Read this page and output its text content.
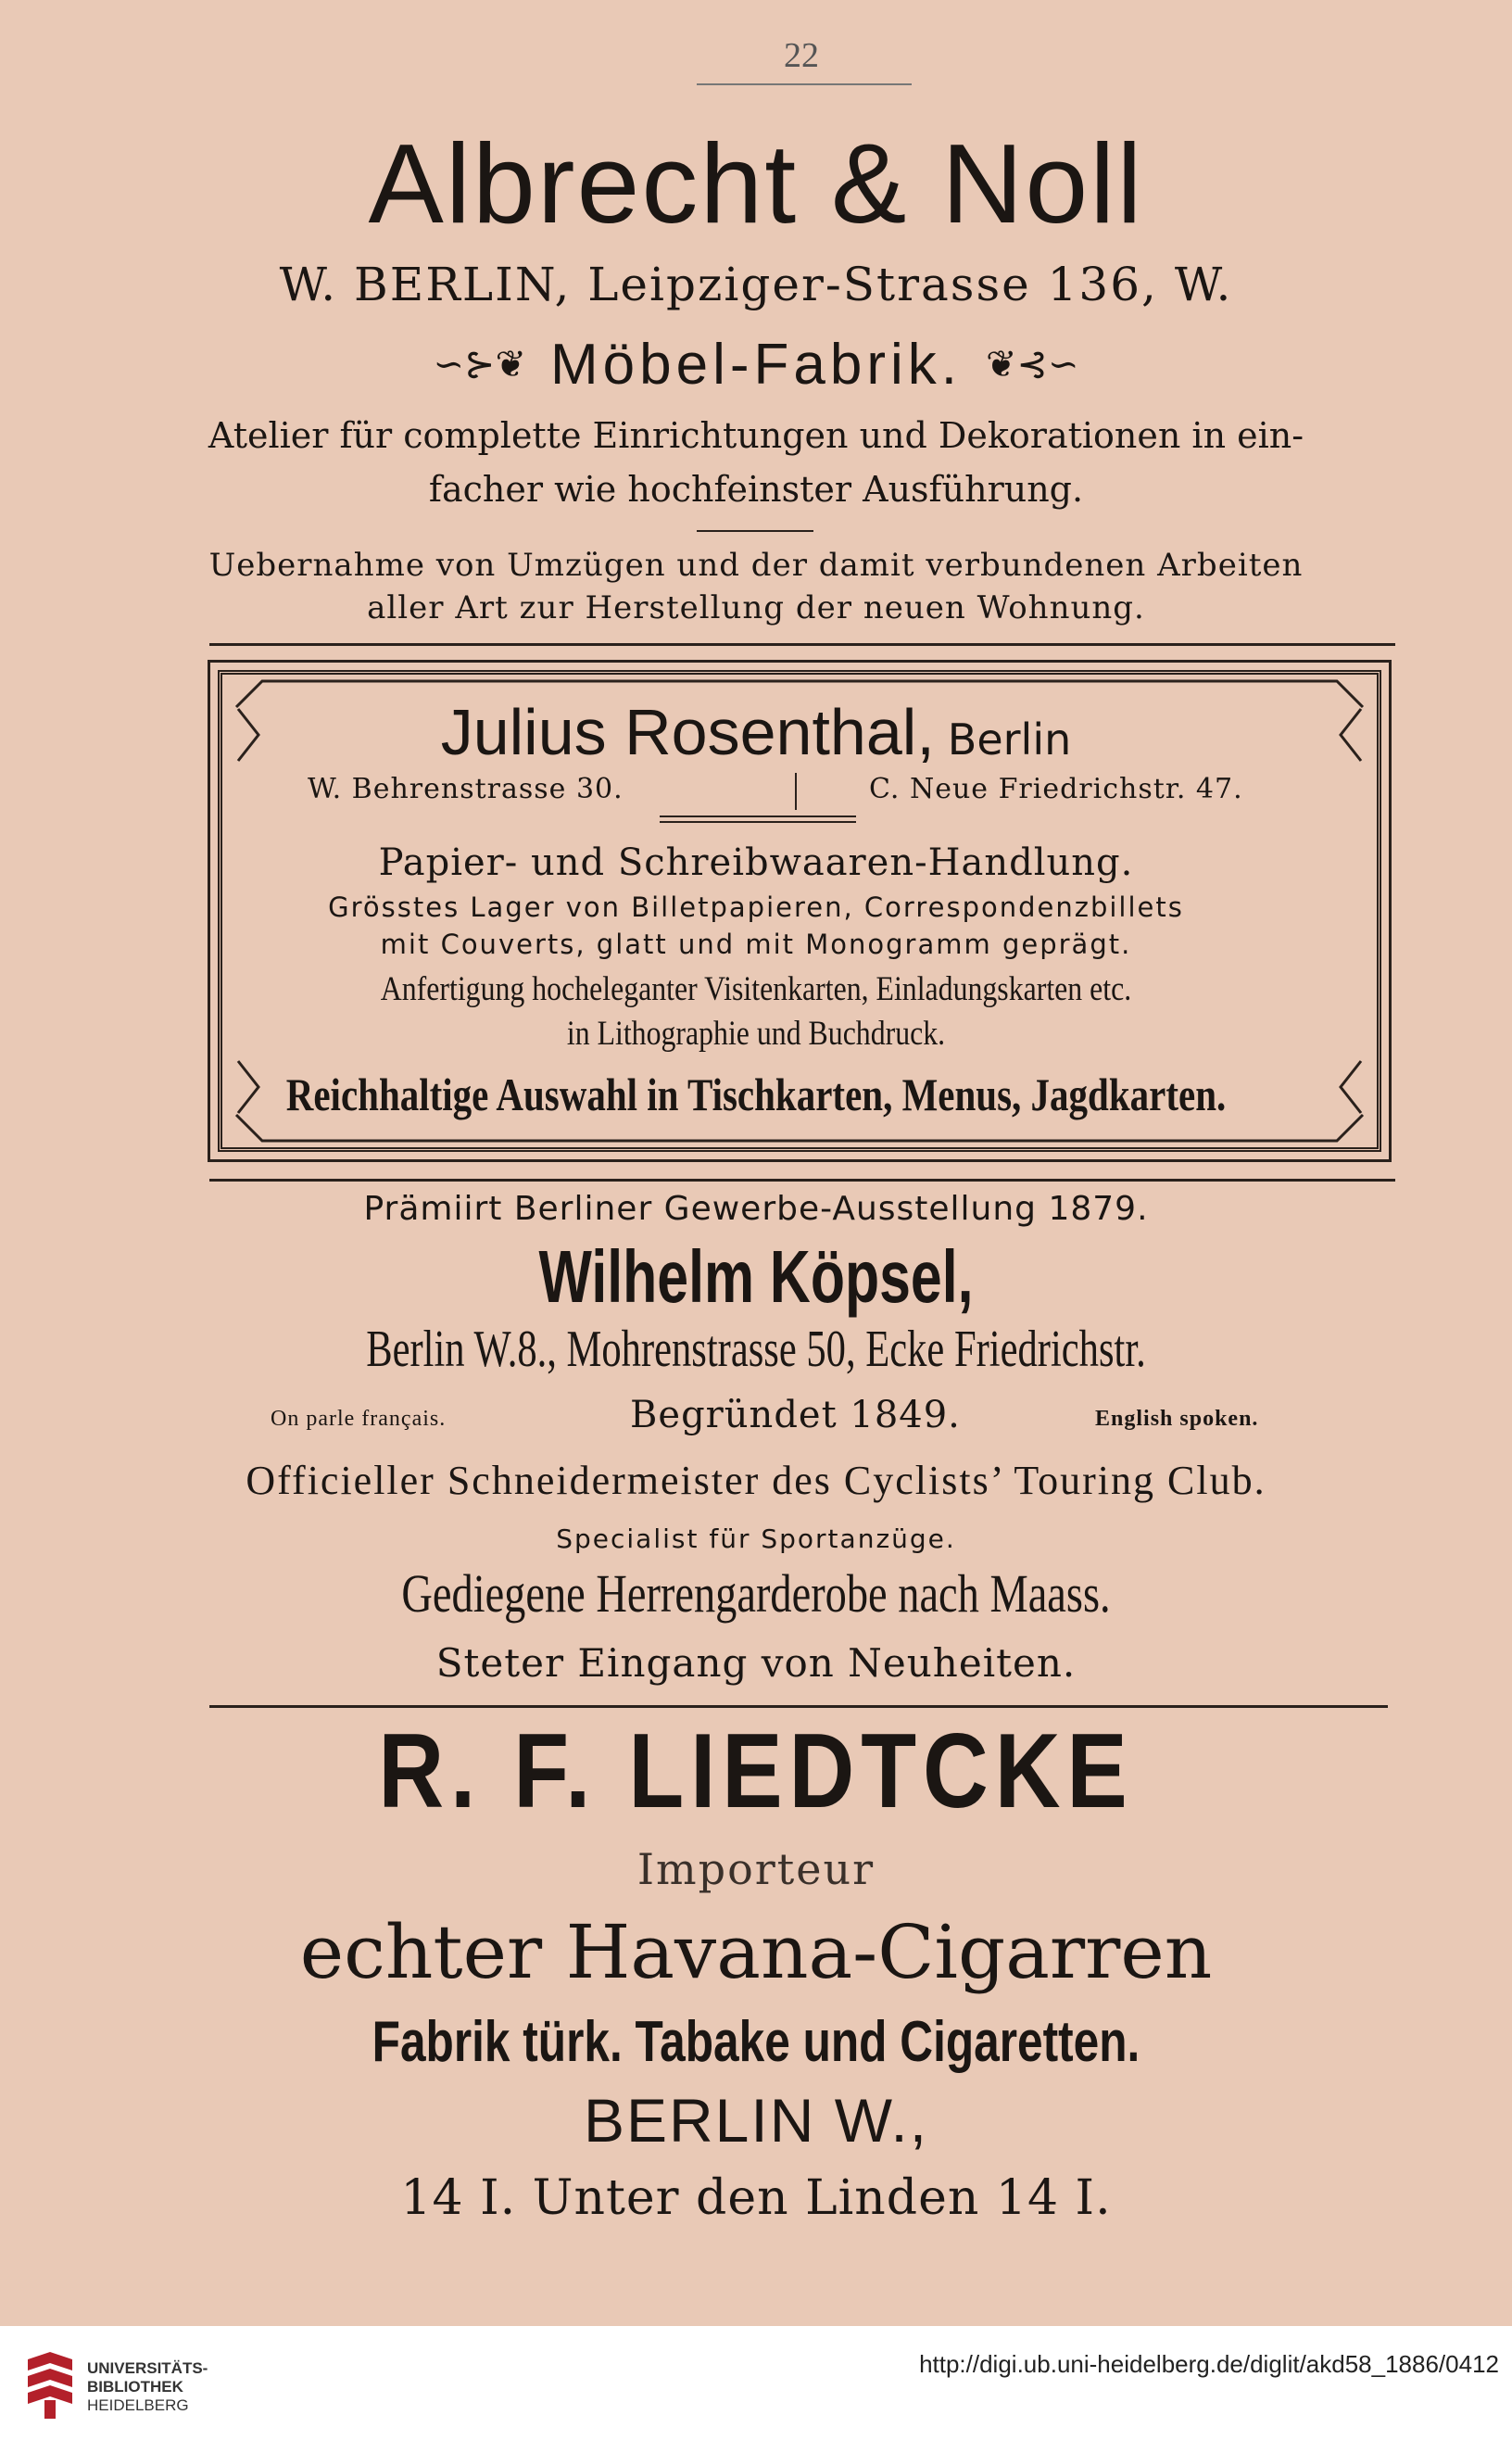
22
Albrecht & Noll
W. BERLIN, Leipziger-Strasse 136, W.
∽⊱❦ Möbel-Fabrik. ❦⊰∽
Atelier für complette Einrichtungen und Dekorationen in ein-
facher wie hochfeinster Ausführung.
Uebernahme von Umzügen und der damit verbundenen Arbeiten
aller Art zur Herstellung der neuen Wohnung.
Julius Rosenthal, Berlin
W. Behrenstrasse 30.	C. Neue Friedrichstr. 47.
Papier- und Schreibwaaren-Handlung.
Grösstes Lager von Billetpapieren, Correspondenzbillets
mit Couverts, glatt und mit Monogramm geprägt.
Anfertigung hocheleganter Visitenkarten, Einladungskarten etc.
in Lithographie und Buchdruck.
Reichhaltige Auswahl in Tischkarten, Menus, Jagdkarten.
Prämiirt Berliner Gewerbe-Ausstellung 1879.
Wilhelm Köpsel,
Berlin W.8., Mohrenstrasse 50, Ecke Friedrichstr.
On parle français.	Begründet 1849.	English spoken.
Officieller Schneidermeister des Cyclists’ Touring Club.
Specialist für Sportanzüge.
Gediegene Herrengarderobe nach Maass.
Steter Eingang von Neuheiten.
R. F. LIEDTCKE
Importeur
echter Havana-Cigarren
Fabrik türk. Tabake und Cigaretten.
BERLIN W.,
14 I. Unter den Linden 14 I.
UNIVERSITÄTS-
BIBLIOTHEK
HEIDELBERG
http://digi.ub.uni-heidelberg.de/diglit/akd58_1886/0412
